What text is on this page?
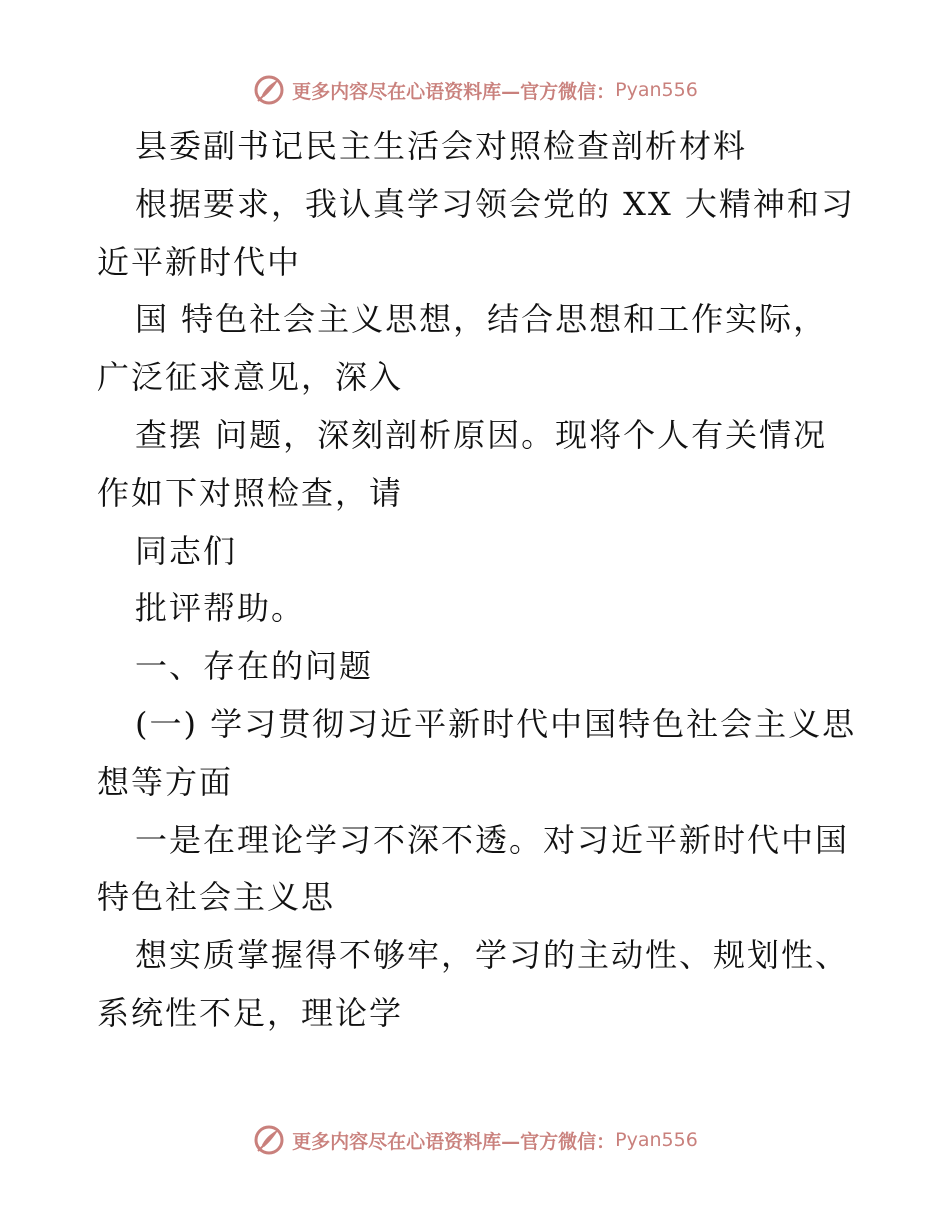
更多内容尽在心语资料库—官方微信： Pyan556
县委副书记民主生活会对照检查剖析材料
根据要求，我认真学习领会党的 XX 大精神和习
近平新时代中
国 特色社会主义思想，结合思想和工作实际，
广泛征求意见，深入
查摆 问题，深刻剖析原因。现将个人有关情况
作如下对照检查，请
同志们
批评帮助。
一、存在的问题
(一) 学习贯彻习近平新时代中国特色社会主义思
想等方面
一是在理论学习不深不透。对习近平新时代中国
特色社会主义思
想实质掌握得不够牢，学习的主动性、规划性、
系统性不足，理论学
更多内容尽在心语资料库—官方微信： Pyan556
